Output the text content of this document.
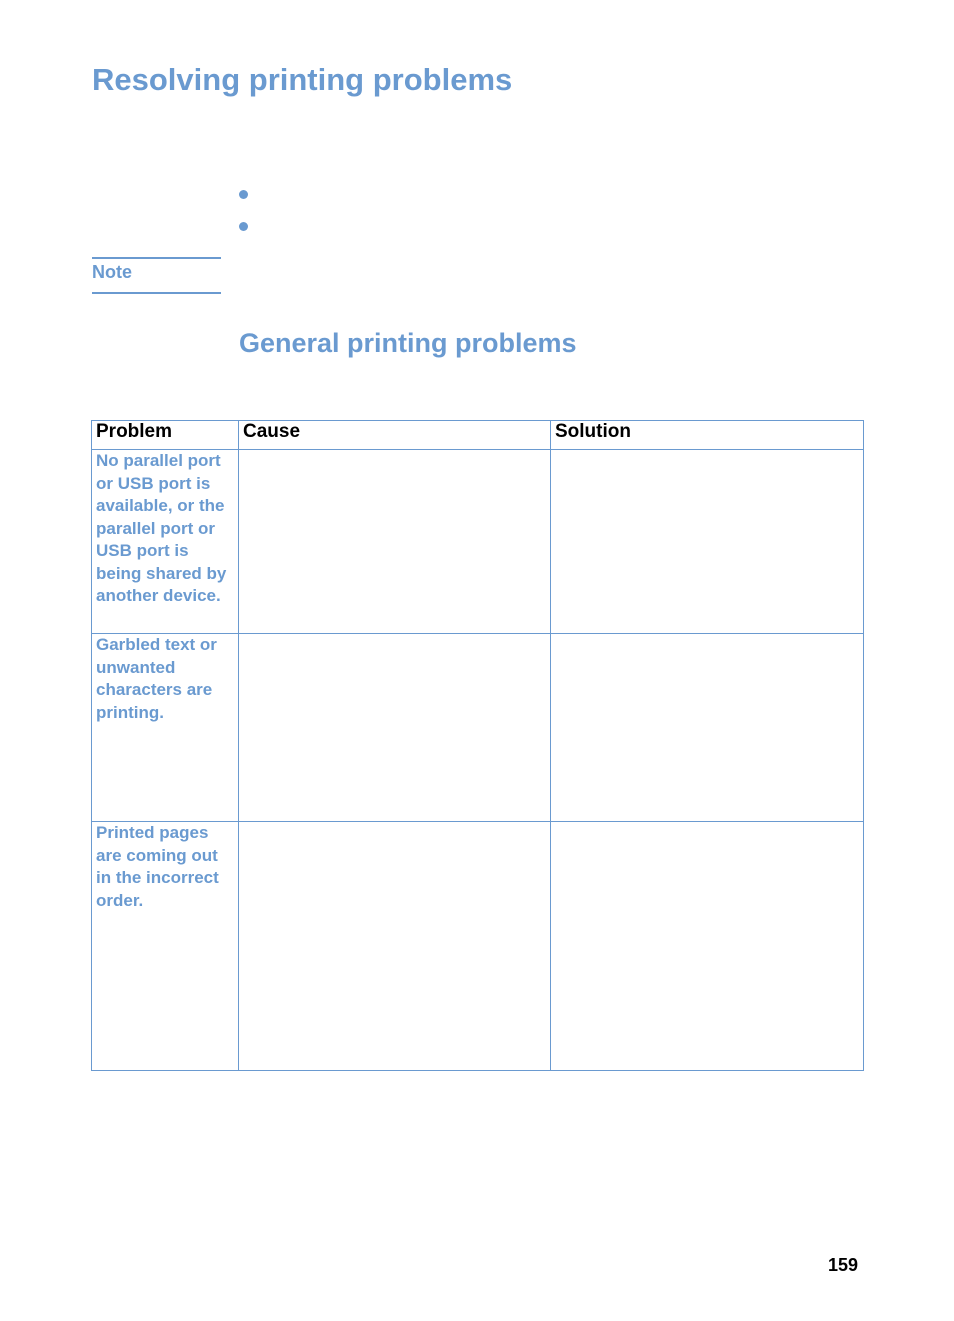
Resolving printing problems
Note
General printing problems
Problem	Cause	Solution
No parallel port or USB port is available, or the parallel port or USB port is being shared by another device.		
Garbled text or unwanted characters are printing.		
Printed pages are coming out in the incorrect order.		
159
